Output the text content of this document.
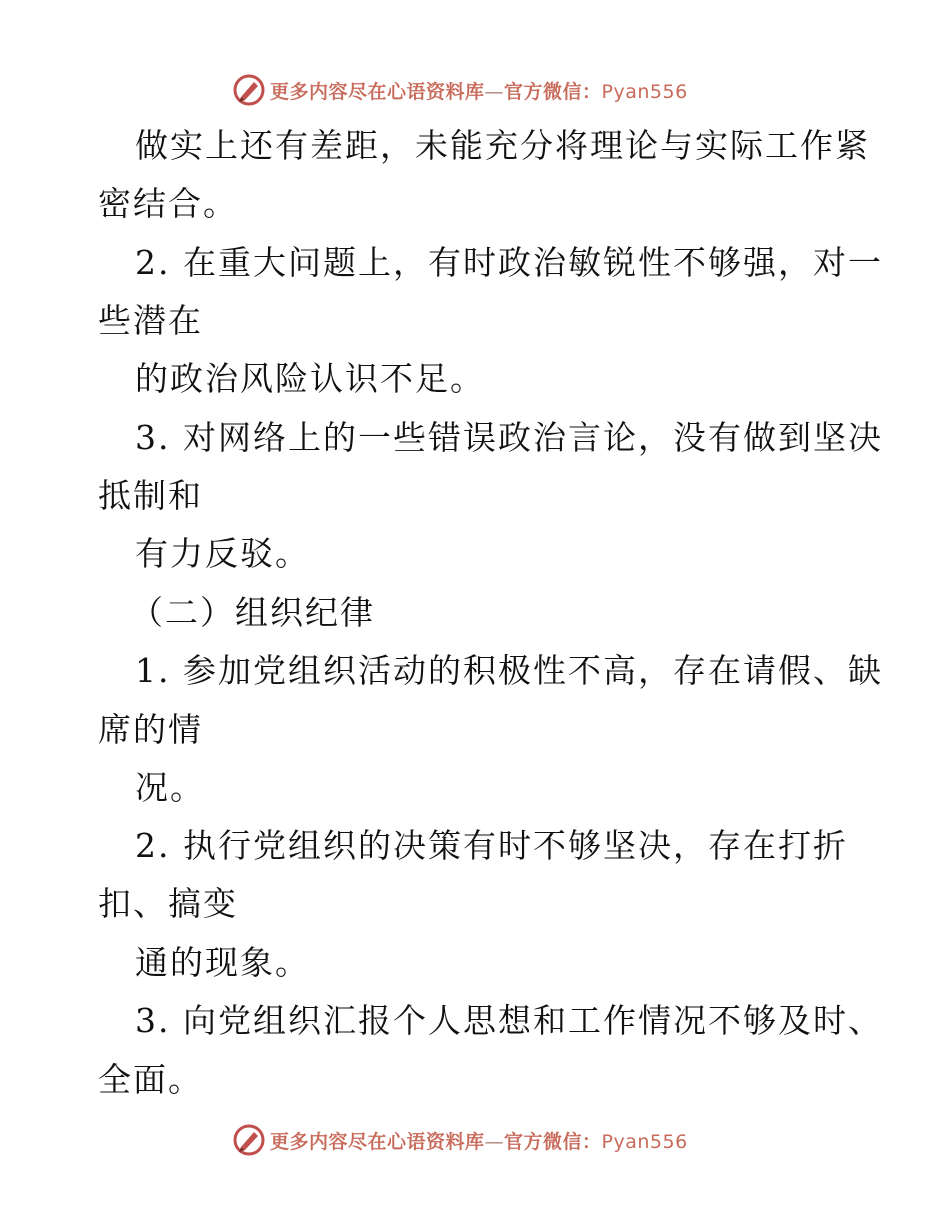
更多内容尽在心语资料库—官方微信：Pyan556
做实上还有差距，未能充分将理论与实际工作紧
密结合。
2. 在重大问题上，有时政治敏锐性不够强，对一
些潜在
的政治风险认识不足。
3. 对网络上的一些错误政治言论，没有做到坚决
抵制和
有力反驳。
（二）组织纪律
1. 参加党组织活动的积极性不高，存在请假、缺
席的情
况。
2. 执行党组织的决策有时不够坚决，存在打折
扣、搞变
通的现象。
3. 向党组织汇报个人思想和工作情况不够及时、
全面。
更多内容尽在心语资料库—官方微信：Pyan556
